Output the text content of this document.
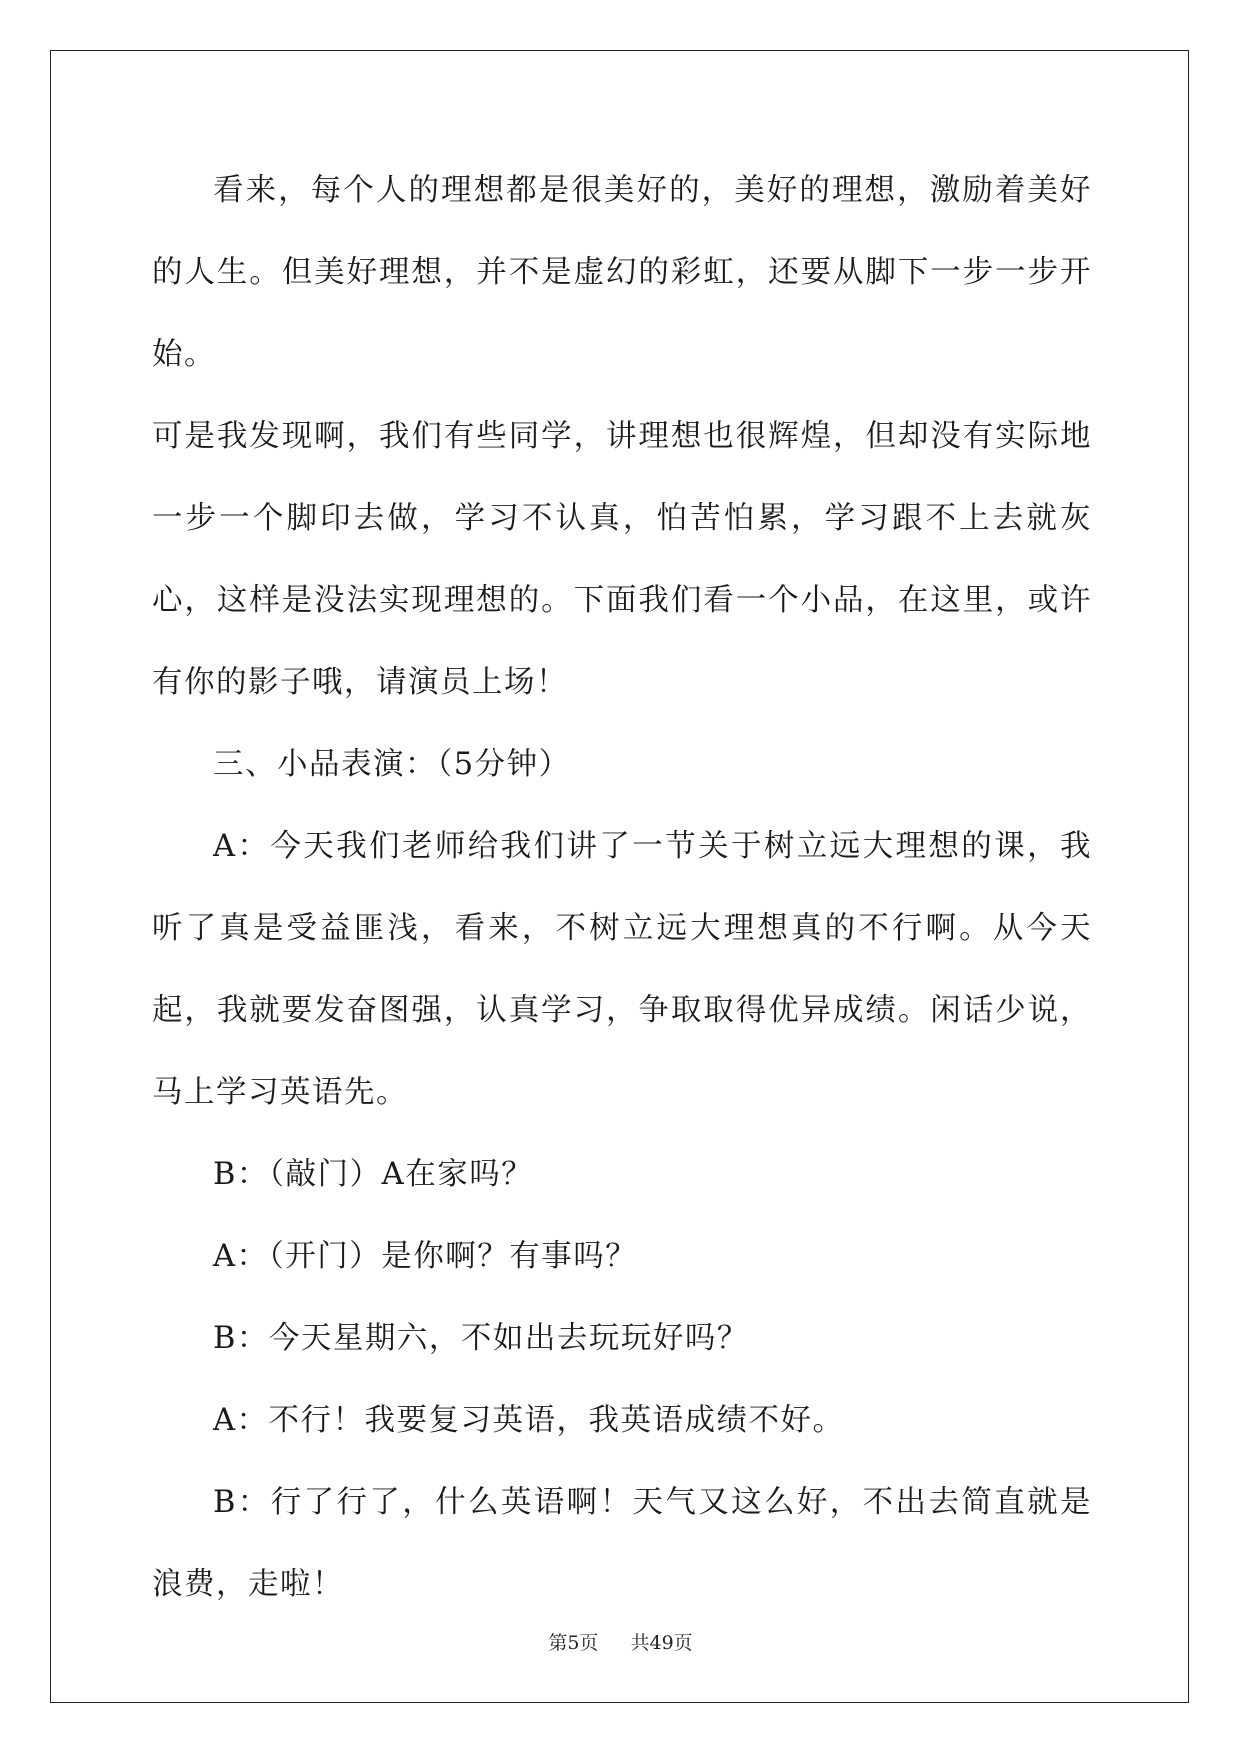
看来，每个人的理想都是很美好的，美好的理想，激励着美好的人生。但美好理想，并不是虚幻的彩虹，还要从脚下一步一步开始。

可是我发现啊，我们有些同学，讲理想也很辉煌，但却没有实际地一步一个脚印去做，学习不认真，怕苦怕累，学习跟不上去就灰心，这样是没法实现理想的。下面我们看一个小品，在这里，或许有你的影子哦，请演员上场！

三、小品表演：（5分钟）

A：今天我们老师给我们讲了一节关于树立远大理想的课，我听了真是受益匪浅，看来，不树立远大理想真的不行啊。从今天起，我就要发奋图强，认真学习，争取取得优异成绩。闲话少说，马上学习英语先。

B：（敲门）A在家吗？

A：（开门）是你啊？有事吗？

B：今天星期六，不如出去玩玩好吗？

A：不行！我要复习英语，我英语成绩不好。

B：行了行了，什么英语啊！天气又这么好，不出去简直就是浪费，走啦！

第5页 共49页
